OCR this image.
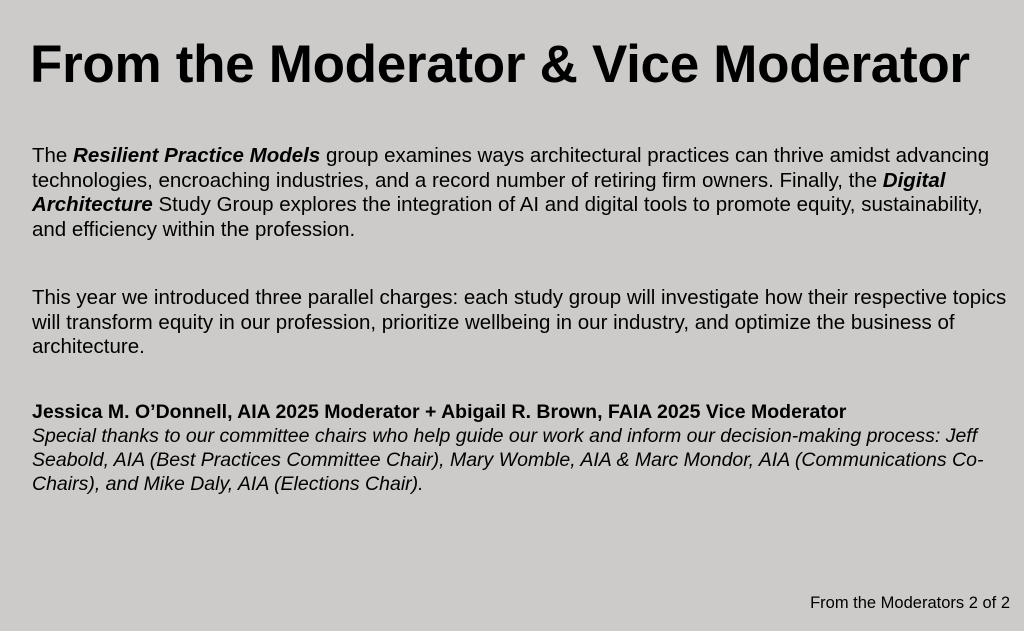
From the Moderator & Vice Moderator

The Resilient Practice Models group examines ways architectural practices can thrive amidst advancing technologies, encroaching industries, and a record number of retiring firm owners. Finally, the Digital Architecture Study Group explores the integration of AI and digital tools to promote equity, sustainability, and efficiency within the profession.

This year we introduced three parallel charges: each study group will investigate how their respective topics will transform equity in our profession, prioritize wellbeing in our industry, and optimize the business of architecture.

Jessica M. O’Donnell, AIA 2025 Moderator + Abigail R. Brown, FAIA 2025 Vice Moderator
Special thanks to our committee chairs who help guide our work and inform our decision-making process: Jeff Seabold, AIA (Best Practices Committee Chair), Mary Womble, AIA & Marc Mondor, AIA (Communications Co-Chairs), and Mike Daly, AIA (Elections Chair).
From the Moderators 2 of 2
